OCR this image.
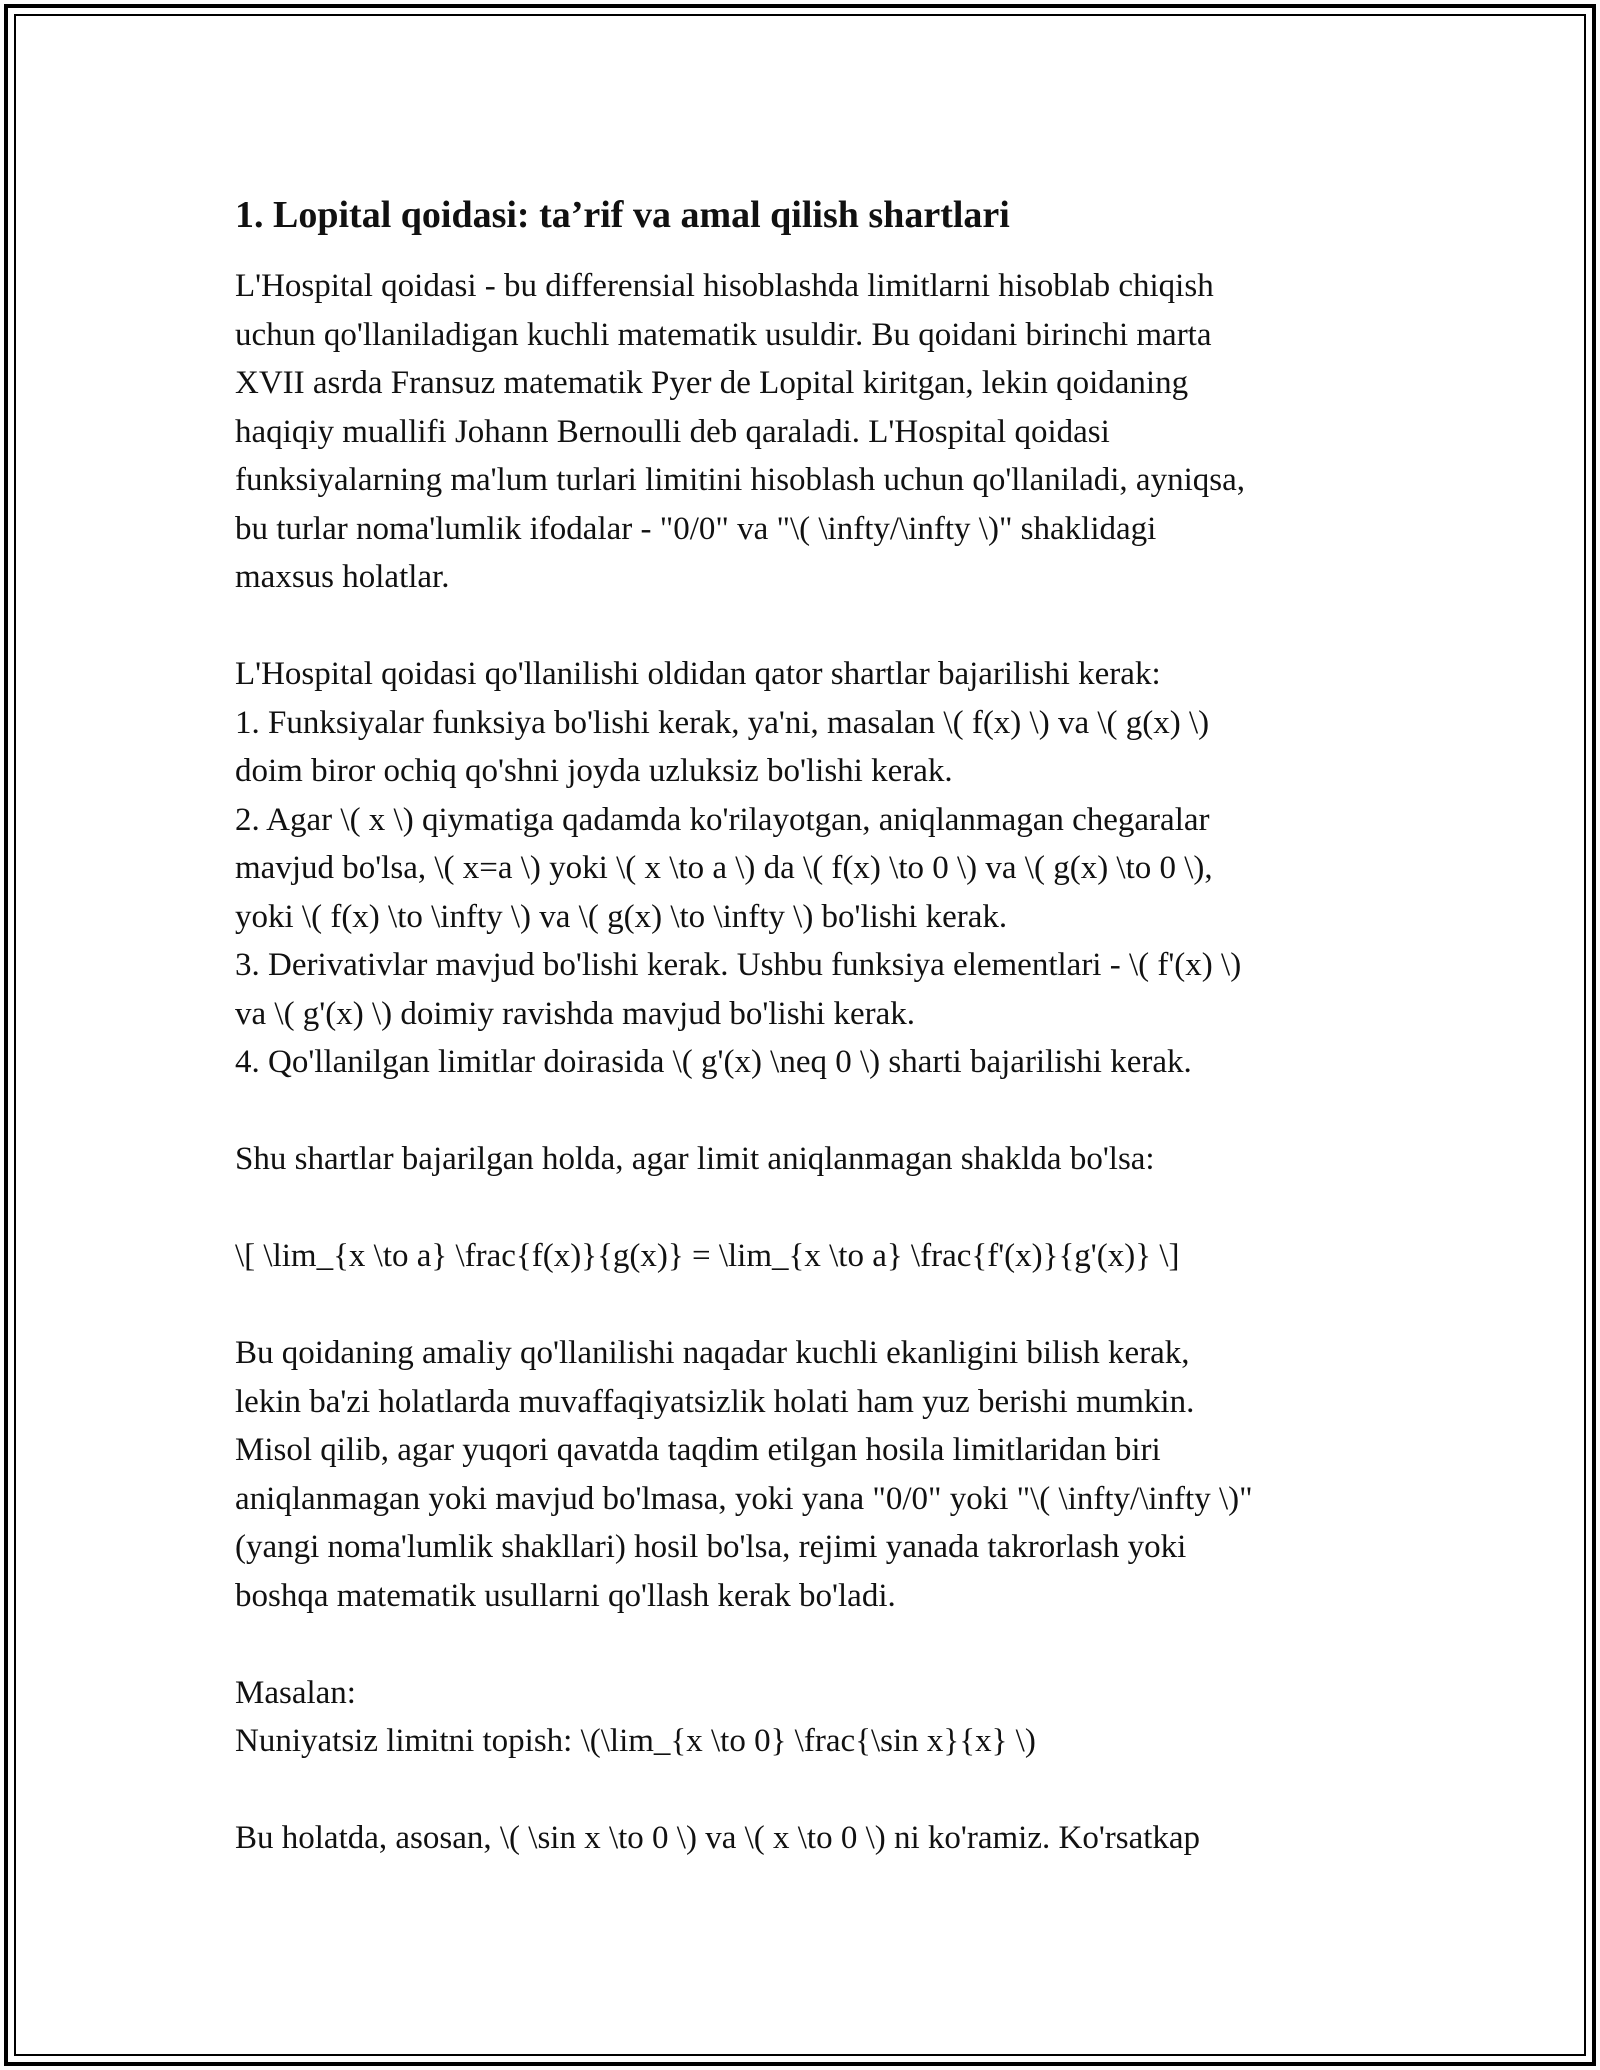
1. Lopital qoidasi: ta’rif va amal qilish shartlari
L'Hospital qoidasi - bu differensial hisoblashda limitlarni hisoblab chiqish
uchun qo'llaniladigan kuchli matematik usuldir. Bu qoidani birinchi marta
XVII asrda Fransuz matematik Pyer de Lopital kiritgan, lekin qoidaning
haqiqiy muallifi Johann Bernoulli deb qaraladi. L'Hospital qoidasi
funksiyalarning ma'lum turlari limitini hisoblash uchun qo'llaniladi, ayniqsa,
bu turlar noma'lumlik ifodalar - "0/0" va "\( \infty/\infty \)" shaklidagi
maxsus holatlar.
L'Hospital qoidasi qo'llanilishi oldidan qator shartlar bajarilishi kerak:
1. Funksiyalar funksiya bo'lishi kerak, ya'ni, masalan \( f(x) \) va \( g(x) \)
doim biror ochiq qo'shni joyda uzluksiz bo'lishi kerak.
2. Agar \( x \) qiymatiga qadamda ko'rilayotgan, aniqlanmagan chegaralar
mavjud bo'lsa, \( x=a \) yoki \( x \to a \) da \( f(x) \to 0 \) va \( g(x) \to 0 \),
yoki \( f(x) \to \infty \) va \( g(x) \to \infty \) bo'lishi kerak.
3. Derivativlar mavjud bo'lishi kerak. Ushbu funksiya elementlari - \( f'(x) \)
va \( g'(x) \) doimiy ravishda mavjud bo'lishi kerak.
4. Qo'llanilgan limitlar doirasida \( g'(x) \neq 0 \) sharti bajarilishi kerak.
Shu shartlar bajarilgan holda, agar limit aniqlanmagan shaklda bo'lsa:
\[ \lim_{x \to a} \frac{f(x)}{g(x)} = \lim_{x \to a} \frac{f'(x)}{g'(x)} \]
Bu qoidaning amaliy qo'llanilishi naqadar kuchli ekanligini bilish kerak,
lekin ba'zi holatlarda muvaffaqiyatsizlik holati ham yuz berishi mumkin.
Misol qilib, agar yuqori qavatda taqdim etilgan hosila limitlaridan biri
aniqlanmagan yoki mavjud bo'lmasa, yoki yana "0/0" yoki "\( \infty/\infty \)"
(yangi noma'lumlik shakllari) hosil bo'lsa, rejimi yanada takrorlash yoki
boshqa matematik usullarni qo'llash kerak bo'ladi.
Masalan:
Nuniyatsiz limitni topish: \(\lim_{x \to 0} \frac{\sin x}{x} \)
Bu holatda, asosan, \( \sin x \to 0 \) va \( x \to 0 \) ni ko'ramiz. Ko'rsatkap
